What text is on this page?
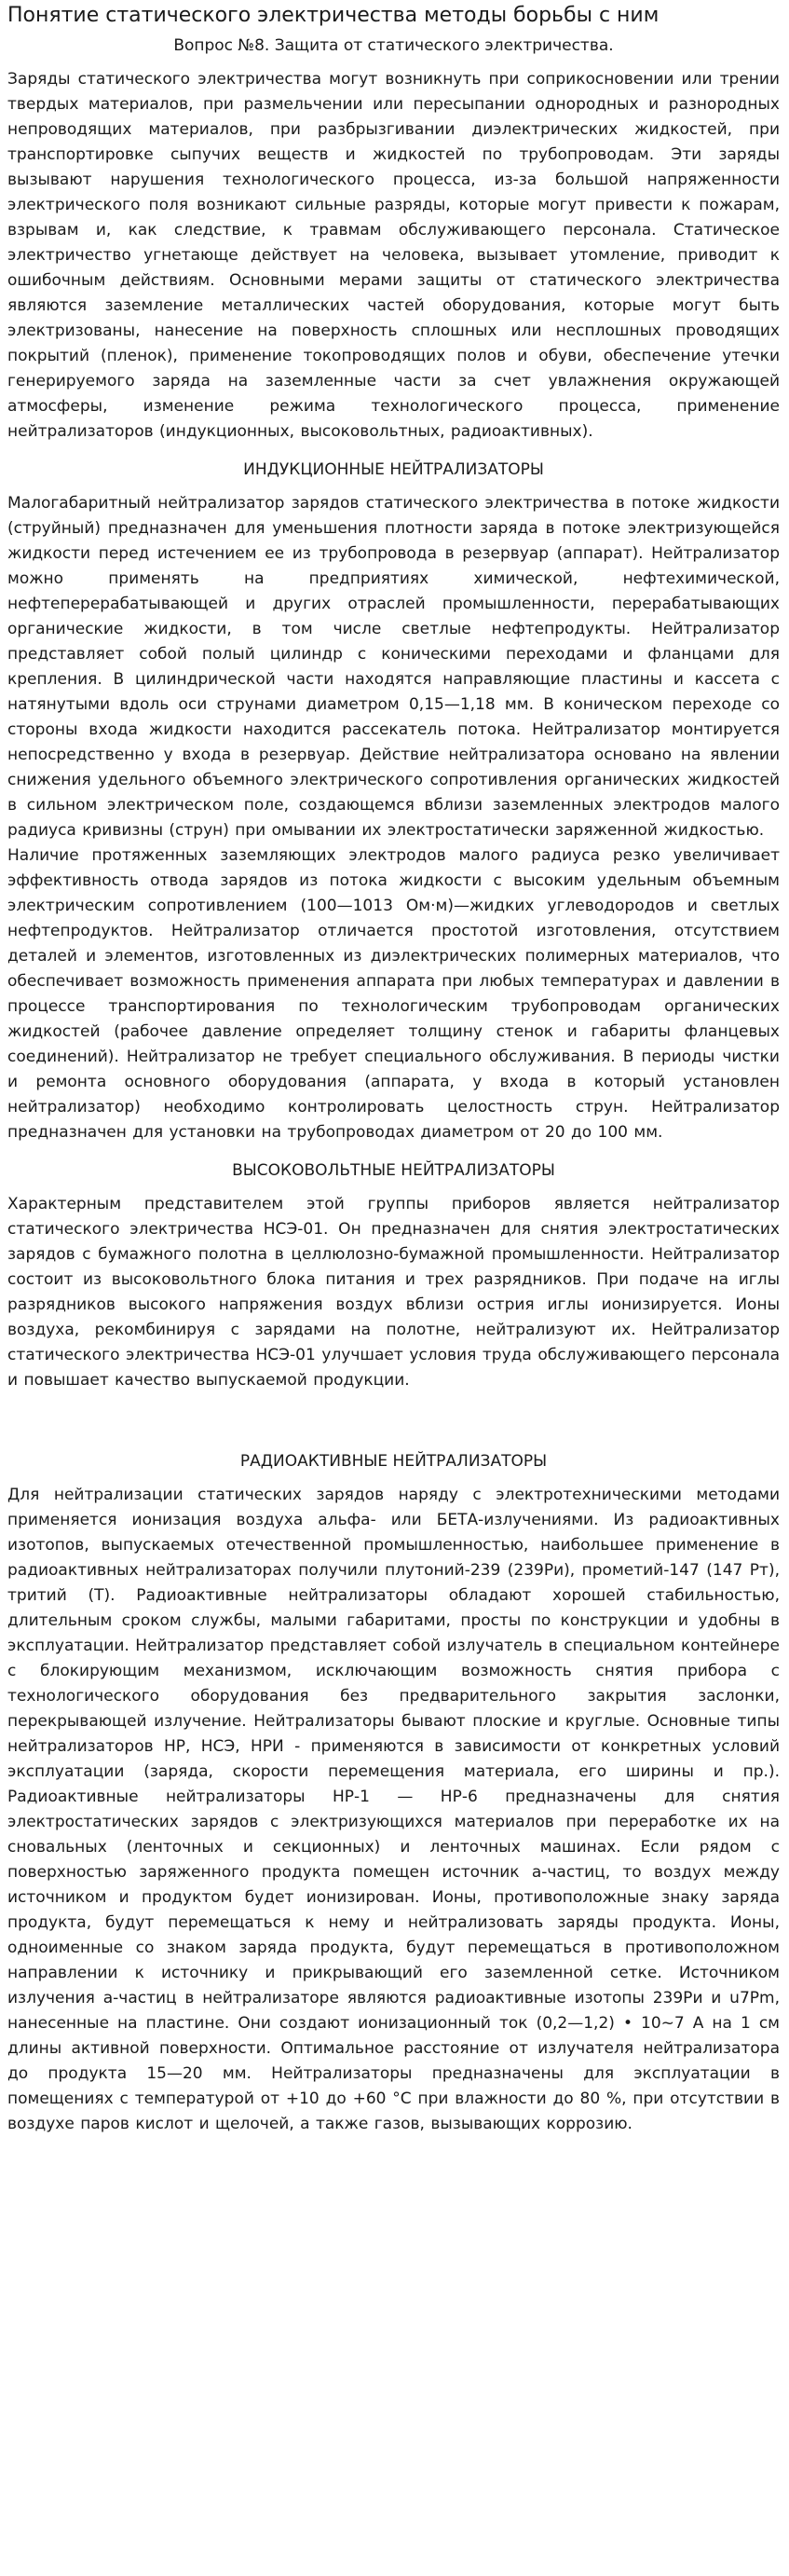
Понятие статического электричества методы борьбы с ним
Вопрос №8. Защита от статического электричества.

Заряды статического электричества могут возникнуть при соприкосновении или трении твердых материалов, при размельчении или пересыпании однородных и разнородных непроводящих материалов, при разбрызгивании диэлектрических жидкостей, при транспортировке сыпучих веществ и жидкостей по трубопроводам. Эти заряды вызывают нарушения технологического процесса, из-за большой напряженности электрического поля возникают сильные разряды, которые могут привести к пожарам, взрывам и, как следствие, к травмам обслуживающего персонала. Статическое электричество угнетающе действует на человека, вызывает утомление, приводит к ошибочным действиям. Основными мерами защиты от статического электричества являются заземление металлических частей оборудования, которые могут быть электризованы, нанесение на поверхность сплошных или несплошных проводящих покрытий (пленок), применение токопроводящих полов и обуви, обеспечение утечки генерируемого заряда на заземленные части за счет увлажнения окружающей атмосферы, изменение режима технологического процесса, применение нейтрализаторов (индукционных, высоковольтных, радиоактивных).

ИНДУКЦИОННЫЕ НЕЙТРАЛИЗАТОРЫ

Малогабаритный нейтрализатор зарядов статического электричества в потоке жидкости (струйный) предназначен для уменьшения плотности заряда в потоке электризующейся жидкости перед истечением ее из трубопровода в резервуар (аппарат). Нейтрализатор можно применять на предприятиях химической, нефтехимической, нефтеперерабатывающей и других отраслей промышленности, перерабатывающих органические жидкости, в том числе светлые нефтепродукты. Нейтрализатор представляет собой полый цилиндр с коническими переходами и фланцами для крепления. В цилиндрической части находятся направляющие пластины и кассета с натянутыми вдоль оси струнами диаметром 0,15—1,18 мм. В коническом переходе со стороны входа жидкости находится рассекатель потока. Нейтрализатор монтируется непосредственно у входа в резервуар. Действие нейтрализатора основано на явлении снижения удельного объемного электрического сопротивления органических жидкостей в сильном электрическом поле, создающемся вблизи заземленных электродов малого радиуса кривизны (струн) при омывании их электростатически заряженной жидкостью.

Наличие протяженных заземляющих электродов малого радиуса резко увеличивает эффективность отвода зарядов из потока жидкости с высоким удельным объемным электрическим сопротивлением (100—1013 Ом·м)—жидких углеводородов и светлых нефтепродуктов. Нейтрализатор отличается простотой изготовления, отсутствием деталей и элементов, изготовленных из диэлектрических полимерных материалов, что обеспечивает возможность применения аппарата при любых температурах и давлении в процессе транспортирования по технологическим трубопроводам органических жидкостей (рабочее давление определяет толщину стенок и габариты фланцевых соединений). Нейтрализатор не требует специального обслуживания. В периоды чистки и ремонта основного оборудования (аппарата, у входа в который установлен нейтрализатор) необходимо контролировать целостность струн. Нейтрализатор предназначен для установки на трубопроводах диаметром от 20 до 100 мм.

ВЫСОКОВОЛЬТНЫЕ НЕЙТРАЛИЗАТОРЫ

Характерным представителем этой группы приборов является нейтрализатор статического электричества НСЭ-01. Он предназначен для снятия электростатических зарядов с бумажного полотна в целлюлозно-бумажной промышленности. Нейтрализатор состоит из высоковольтного блока питания и трех разрядников. При подаче на иглы разрядников высокого напряжения воздух вблизи острия иглы ионизируется. Ионы воздуха, рекомбинируя с зарядами на полотне, нейтрализуют их. Нейтрализатор статического электричества НСЭ-01 улучшает условия труда обслуживающего персонала и повышает качество выпускаемой продукции.

РАДИОАКТИВНЫЕ НЕЙТРАЛИЗАТОРЫ

Для нейтрализации статических зарядов наряду с электротехническими методами применяется ионизация воздуха альфа- или БЕТА-излучениями. Из радиоактивных изотопов, выпускаемых отечественной промышленностью, наибольшее применение в радиоактивных нейтрализаторах получили плутоний-239 (239Ри), прометий-147 (147 Рт), тритий (Т). Радиоактивные нейтрализаторы обладают хорошей стабильностью, длительным сроком службы, малыми габаритами, просты по конструкции и удобны в эксплуатации. Нейтрализатор представляет собой излучатель в специальном контейнере с блокирующим механизмом, исключающим возможность снятия прибора с технологического оборудования без предварительного закрытия заслонки, перекрывающей излучение. Нейтрализаторы бывают плоские и круглые. Основные типы нейтрализаторов НР, НСЭ, НРИ - применяются в зависимости от конкретных условий эксплуатации (заряда, скорости перемещения материала, его ширины и пр.). Радиоактивные нейтрализаторы НР-1 — НР-6 предназначены для снятия электростатических зарядов с электризующихся материалов при переработке их на сновальных (ленточных и секционных) и ленточных машинах. Если рядом с поверхностью заряженного продукта помещен источник а-частиц, то воздух между источником и продуктом будет ионизирован. Ионы, противоположные знаку заряда продукта, будут перемещаться к нему и нейтрализовать заряды продукта. Ионы, одноименные со знаком заряда продукта, будут перемещаться в противоположном направлении к источнику и прикрывающий его заземленной сетке. Источником излучения а-частиц в нейтрализаторе являются радиоактивные изотопы 239Ри и u7Pm, нанесенные на пластине. Они создают ионизационный ток (0,2—1,2) • 10~7 А на 1 см длины активной поверхности. Оптимальное расстояние от излучателя нейтрализатора до продукта 15—20 мм. Нейтрализаторы предназначены для эксплуатации в помещениях с температурой от +10 до +60 °С при влажности до 80 %, при отсутствии в воздухе паров кислот и щелочей, а также газов, вызывающих коррозию.
